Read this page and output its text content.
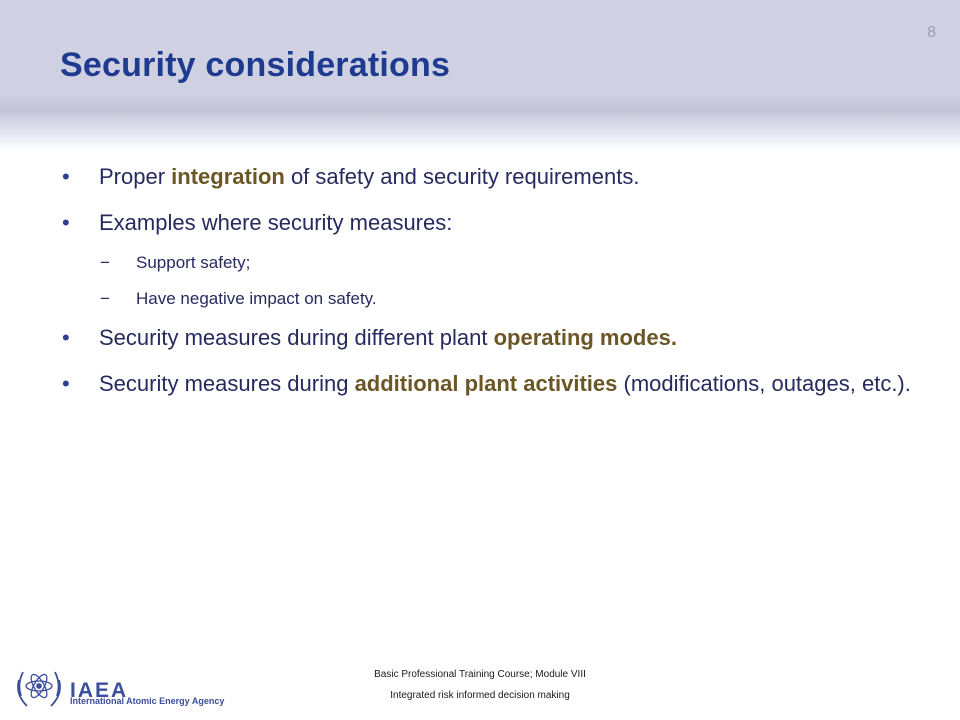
Security considerations
8
• Proper integration of safety and security requirements.
• Examples where security measures:
− Support safety;
− Have negative impact on safety.
• Security measures during different plant operating modes.
• Security measures during additional plant activities (modifications, outages, etc.).
IAEA
International Atomic Energy Agency
Basic Professional Training Course; Module VIII
Integrated risk informed decision making
